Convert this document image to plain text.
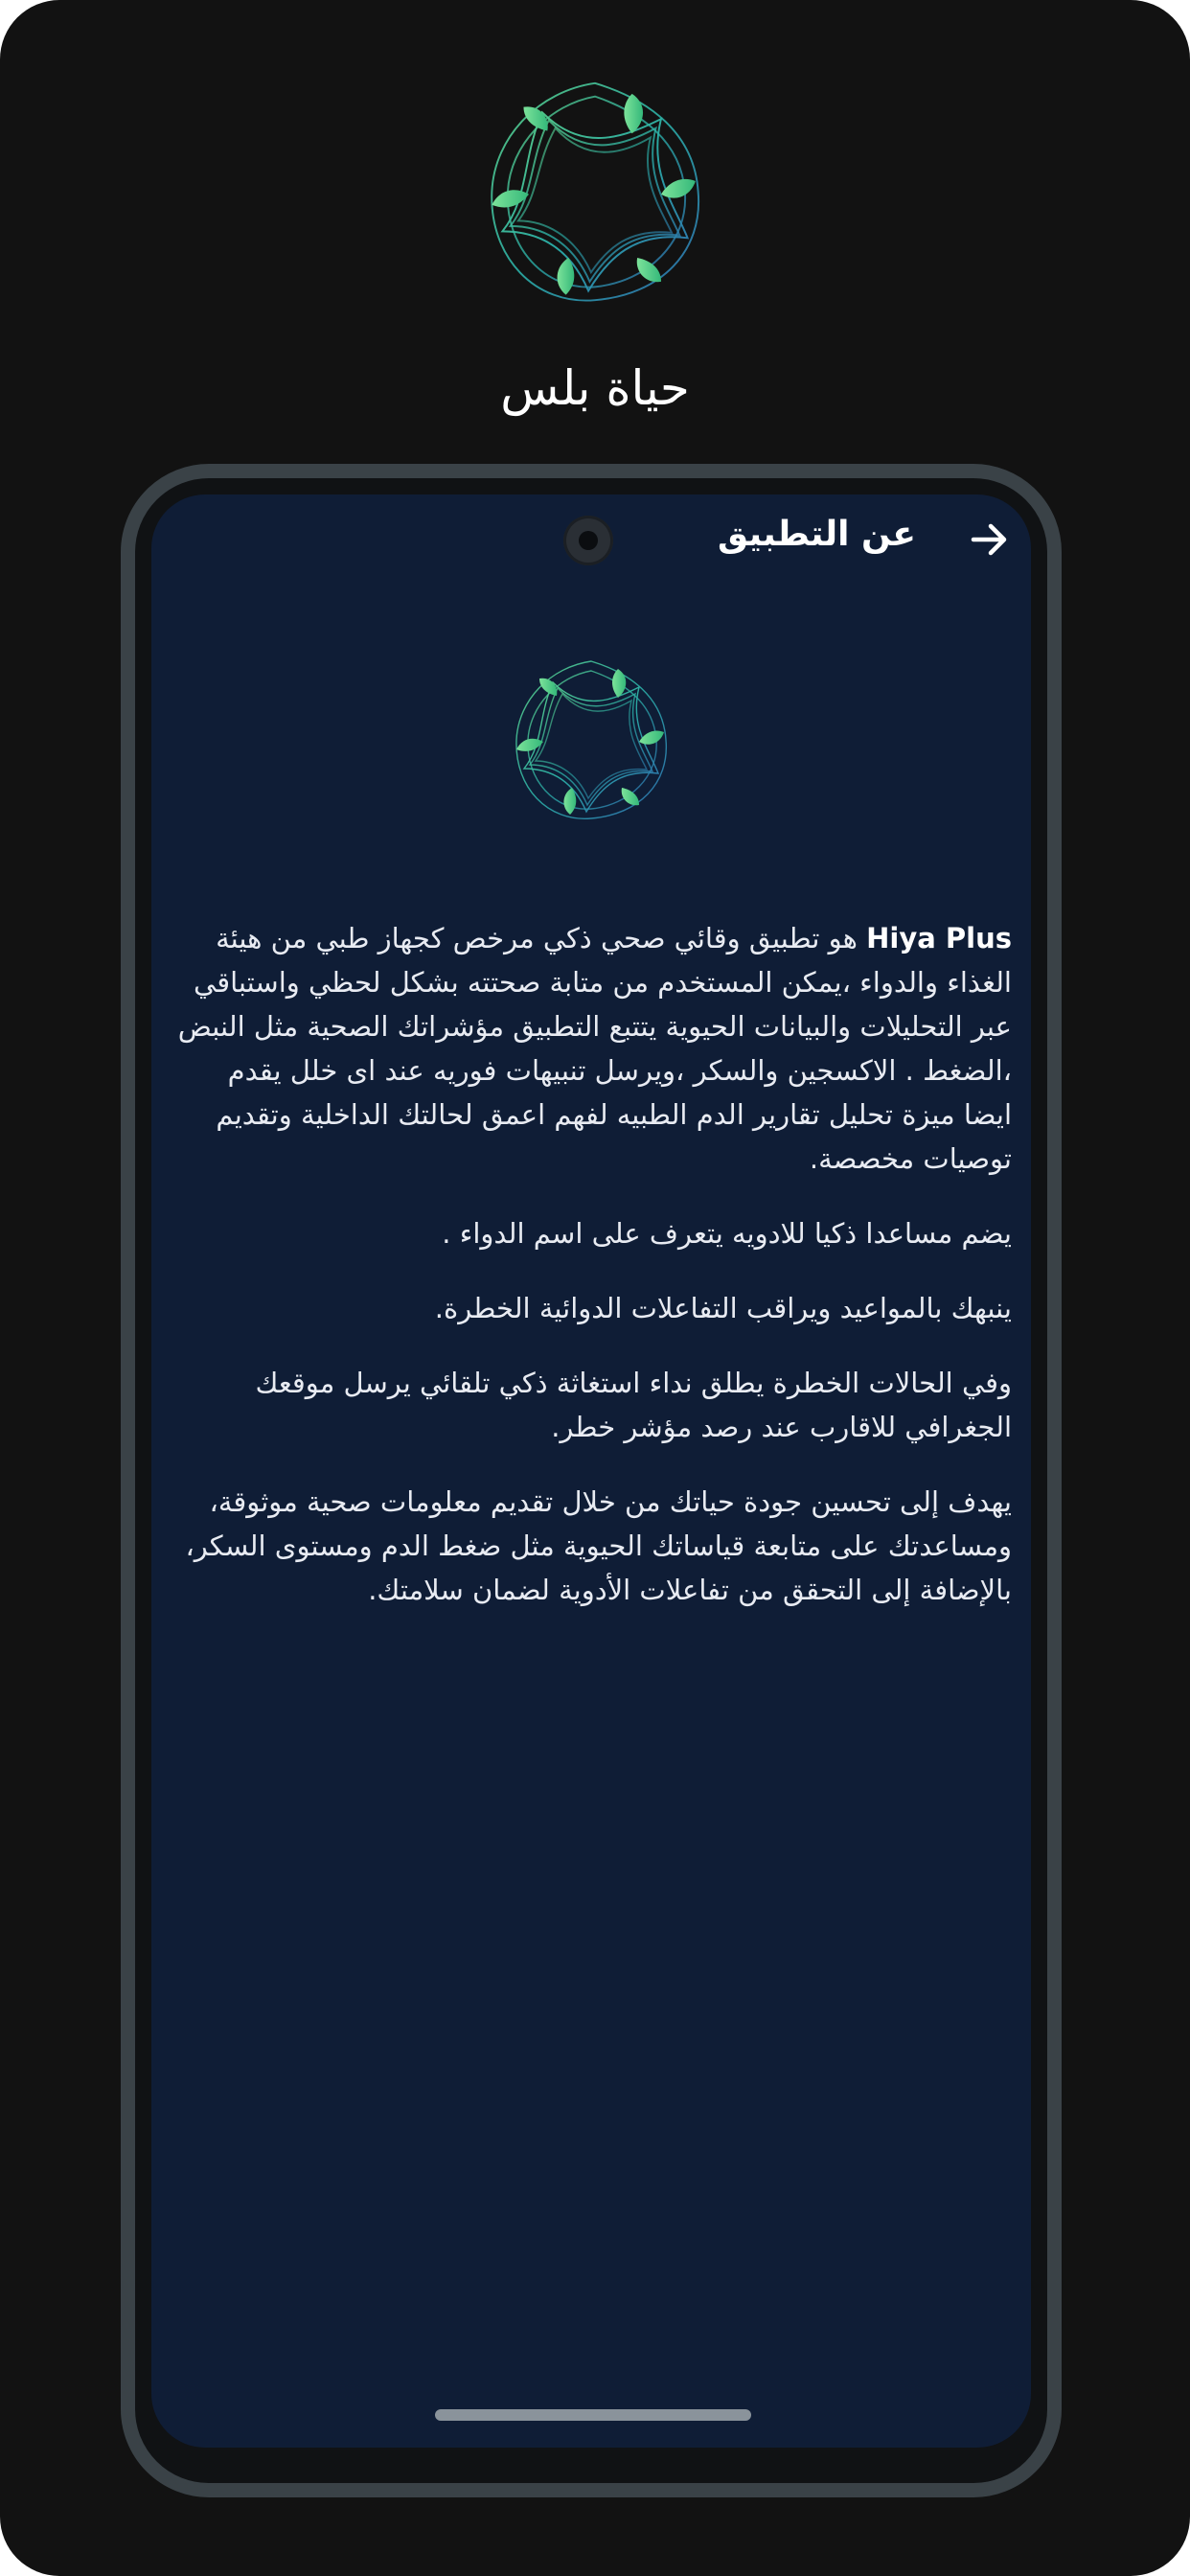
حياة بلس
عن التطبيق

Hiya Plus هو تطبيق وقائي صحي ذكي مرخص كجهاز طبي من هيئة الغذاء والدواء ،يمكن المستخدم من متابة صحتته بشكل لحظي واستباقي عبر التحليلات والبيانات الحيوية يتتبع التطبيق مؤشراتك الصحية مثل النبض ،الضغط . الاكسجين والسكر ،ويرسل تنبيهات فوريه عند اى خلل يقدم ايضا ميزة تحليل تقارير الدم الطبيه لفهم اعمق لحالتك الداخلية وتقديم توصيات مخصصة.

يضم مساعدا ذكيا للادويه يتعرف على اسم الدواء .

ينبهك بالمواعيد ويراقب التفاعلات الدوائية الخطرة.

وفي الحالات الخطرة يطلق نداء استغاثة ذكي تلقائي يرسل موقعك الجغرافي للاقارب عند رصد مؤشر خطر.

يهدف إلى تحسين جودة حياتك من خلال تقديم معلومات صحية موثوقة، ومساعدتك على متابعة قياساتك الحيوية مثل ضغط الدم ومستوى السكر، بالإضافة إلى التحقق من تفاعلات الأدوية لضمان سلامتك.
